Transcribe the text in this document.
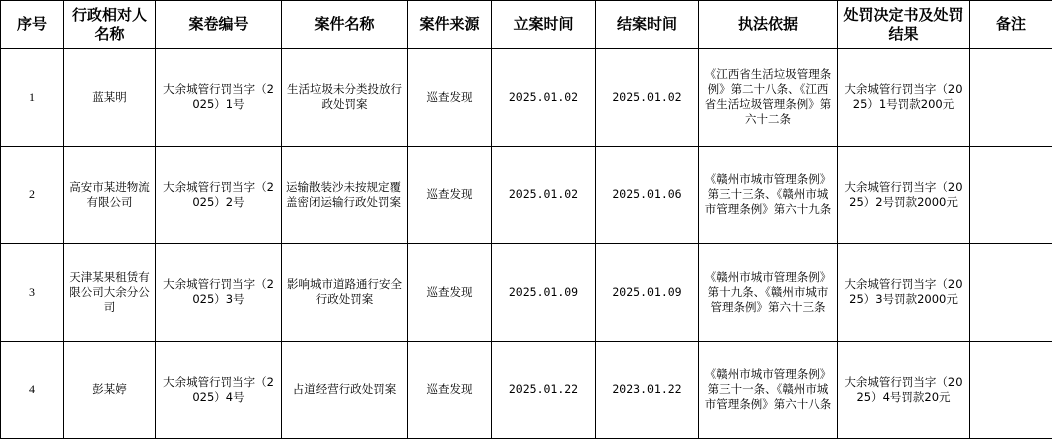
序号	行政相对人名称	案卷编号	案件名称	案件来源	立案时间	结案时间	执法依据	处罚决定书及处罚结果	备注
1	蓝某明	大余城管行罚当字（2025）1号	生活垃圾未分类投放行政处罚案	巡查发现	2025.01.02	2025.01.02	《江西省生活垃圾管理条例》第二十八条、《江西省生活垃圾管理条例》第六十二条	大余城管行罚当字（2025）1号罚款200元	
2	高安市某进物流有限公司	大余城管行罚当字（2025）2号	运输散装沙未按规定覆盖密闭运输行政处罚案	巡查发现	2025.01.02	2025.01.06	《赣州市城市管理条例》第三十三条、《赣州市城市管理条例》第六十九条	大余城管行罚当字（2025）2号罚款2000元	
3	天津某果租赁有限公司大余分公司	大余城管行罚当字（2025）3号	影响城市道路通行安全行政处罚案	巡查发现	2025.01.09	2025.01.09	《赣州市城市管理条例》第十九条、《赣州市城市管理条例》第六十三条	大余城管行罚当字（2025）3号罚款2000元	
4	彭某婷	大余城管行罚当字（2025）4号	占道经营行政处罚案	巡查发现	2025.01.22	2023.01.22	《赣州市城市管理条例》第三十一条、《赣州市城市管理条例》第六十八条	大余城管行罚当字（2025）4号罚款20元	
